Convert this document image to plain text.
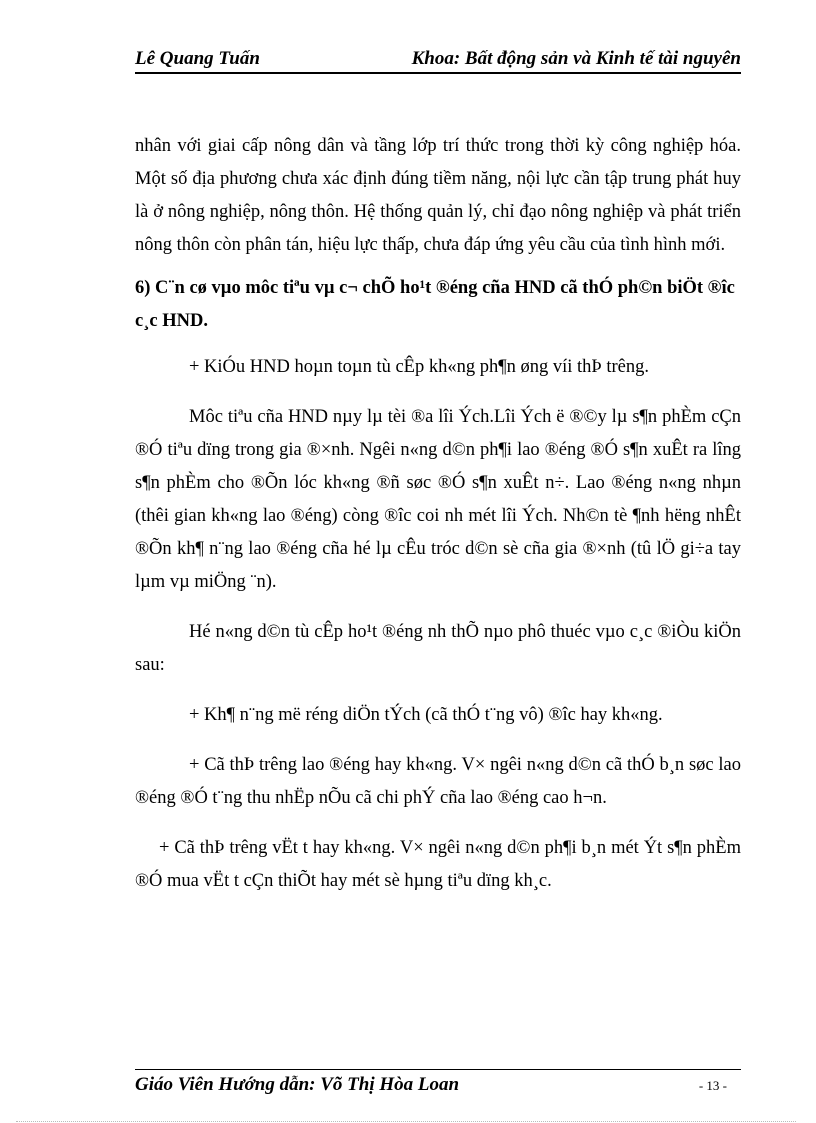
Lê Quang Tuấn	Khoa: Bất động sản và Kinh tế tài nguyên

nhân với giai cấp nông dân và tầng lớp trí thức trong thời kỳ công nghiệp hóa. Một số địa phương chưa xác định đúng tiềm năng, nội lực cần tập trung phát huy là ở nông nghiệp, nông thôn. Hệ thống quản lý, chỉ đạo nông nghiệp và phát triển nông thôn còn phân tán, hiệu lực thấp, chưa đáp ứng yêu cầu của tình hình mới.

6) C¨n cø vµo môc tiªu vµ c¬ chÕ ho¹t ®éng cña HND cã thÓ ph©n biÖt ®îc c¸c HND.

+ KiÓu HND hoµn toµn tù cÊp kh«ng ph¶n øng víi thÞ trêng.

Môc tiªu cña HND nµy lµ tèi ®a lîi Ých.Lîi Ých ë ®©y lµ s¶n phÈm cÇn ®Ó tiªu dïng trong gia ®×nh. Ngêi n«ng d©n ph¶i lao ®éng ®Ó s¶n xuÊt ra lîng s¶n phÈm cho ®Õn lóc kh«ng ®ñ søc ®Ó s¶n xuÊt n÷. Lao ®éng n«ng nhµn (thêi gian kh«ng lao ®éng) còng ®îc coi nh mét lîi Ých. Nh©n tè ¶nh hëng nhÊt ®Õn kh¶ n¨ng lao ®éng cña hé lµ cÊu tróc d©n sè cña gia ®×nh (tû lÖ gi÷a tay lµm vµ miÖng ¨n).

Hé n«ng d©n tù cÊp ho¹t ®éng nh thÕ nµo phô thuéc vµo c¸c ®iÒu kiÖn sau:

+ Kh¶ n¨ng më réng diÖn tÝch (cã thÓ t¨ng vô) ®îc hay kh«ng.

+ Cã thÞ trêng lao ®éng hay kh«ng. V× ngêi n«ng d©n cã thÓ b¸n søc lao ®éng ®Ó t¨ng thu nhËp nÕu cã chi phÝ cña lao ®éng cao h¬n.

+ Cã thÞ trêng vËt t hay kh«ng. V× ngêi n«ng d©n ph¶i b¸n mét Ýt s¶n phÈm ®Ó mua vËt t cÇn thiÕt hay mét sè hµng tiªu dïng kh¸c.

Giáo Viên Hướng dẫn: Võ Thị Hòa Loan	- 13 -
